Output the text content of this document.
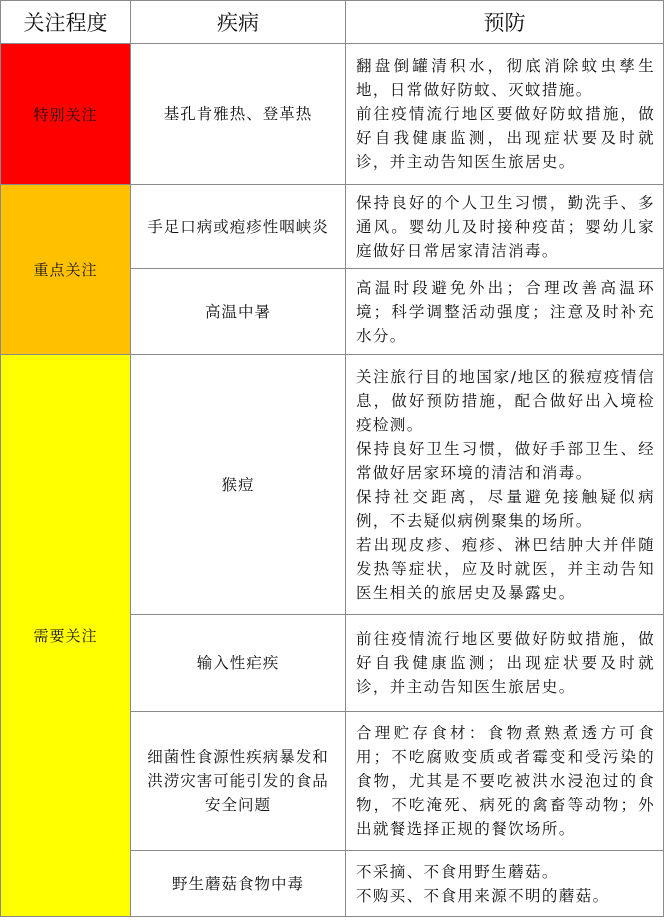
关注程度	疾病	预防
特别关注	基孔肯雅热、登革热	翻盘倒罐清积水，彻底消除蚊虫孳生地，日常做好防蚊、灭蚊措施。

前往疫情流行地区要做好防蚊措施，做好自我健康监测，出现症状要及时就诊，并主动告知医生旅居史。

重点关注	手足口病或疱疹性咽峡炎	保持良好的个人卫生习惯，勤洗手、多通风。婴幼儿及时接种疫苗；婴幼儿家庭做好日常居家清洁消毒。

	高温中暑	高温时段避免外出；合理改善高温环境；科学调整活动强度；注意及时补充水分。

需要关注	猴痘	关注旅行目的地国家/地区的猴痘疫情信息，做好预防措施，配合做好出入境检疫检测。

保持良好卫生习惯，做好手部卫生、经常做好居家环境的清洁和消毒。

保持社交距离，尽量避免接触疑似病例，不去疑似病例聚集的场所。

若出现皮疹、疱疹、淋巴结肿大并伴随发热等症状，应及时就医，并主动告知医生相关的旅居史及暴露史。

	输入性疟疾	前往疫情流行地区要做好防蚊措施，做好自我健康监测；出现症状要及时就诊，并主动告知医生旅居史。

	细菌性食源性疾病暴发和洪涝灾害可能引发的食品安全问题	合理贮存食材：食物煮熟煮透方可食用；不吃腐败变质或者霉变和受污染的食物，尤其是不要吃被洪水浸泡过的食物，不吃淹死、病死的禽畜等动物；外出就餐选择正规的餐饮场所。

	野生蘑菇食物中毒	不采摘、不食用野生蘑菇。

不购买、不食用来源不明的蘑菇。
